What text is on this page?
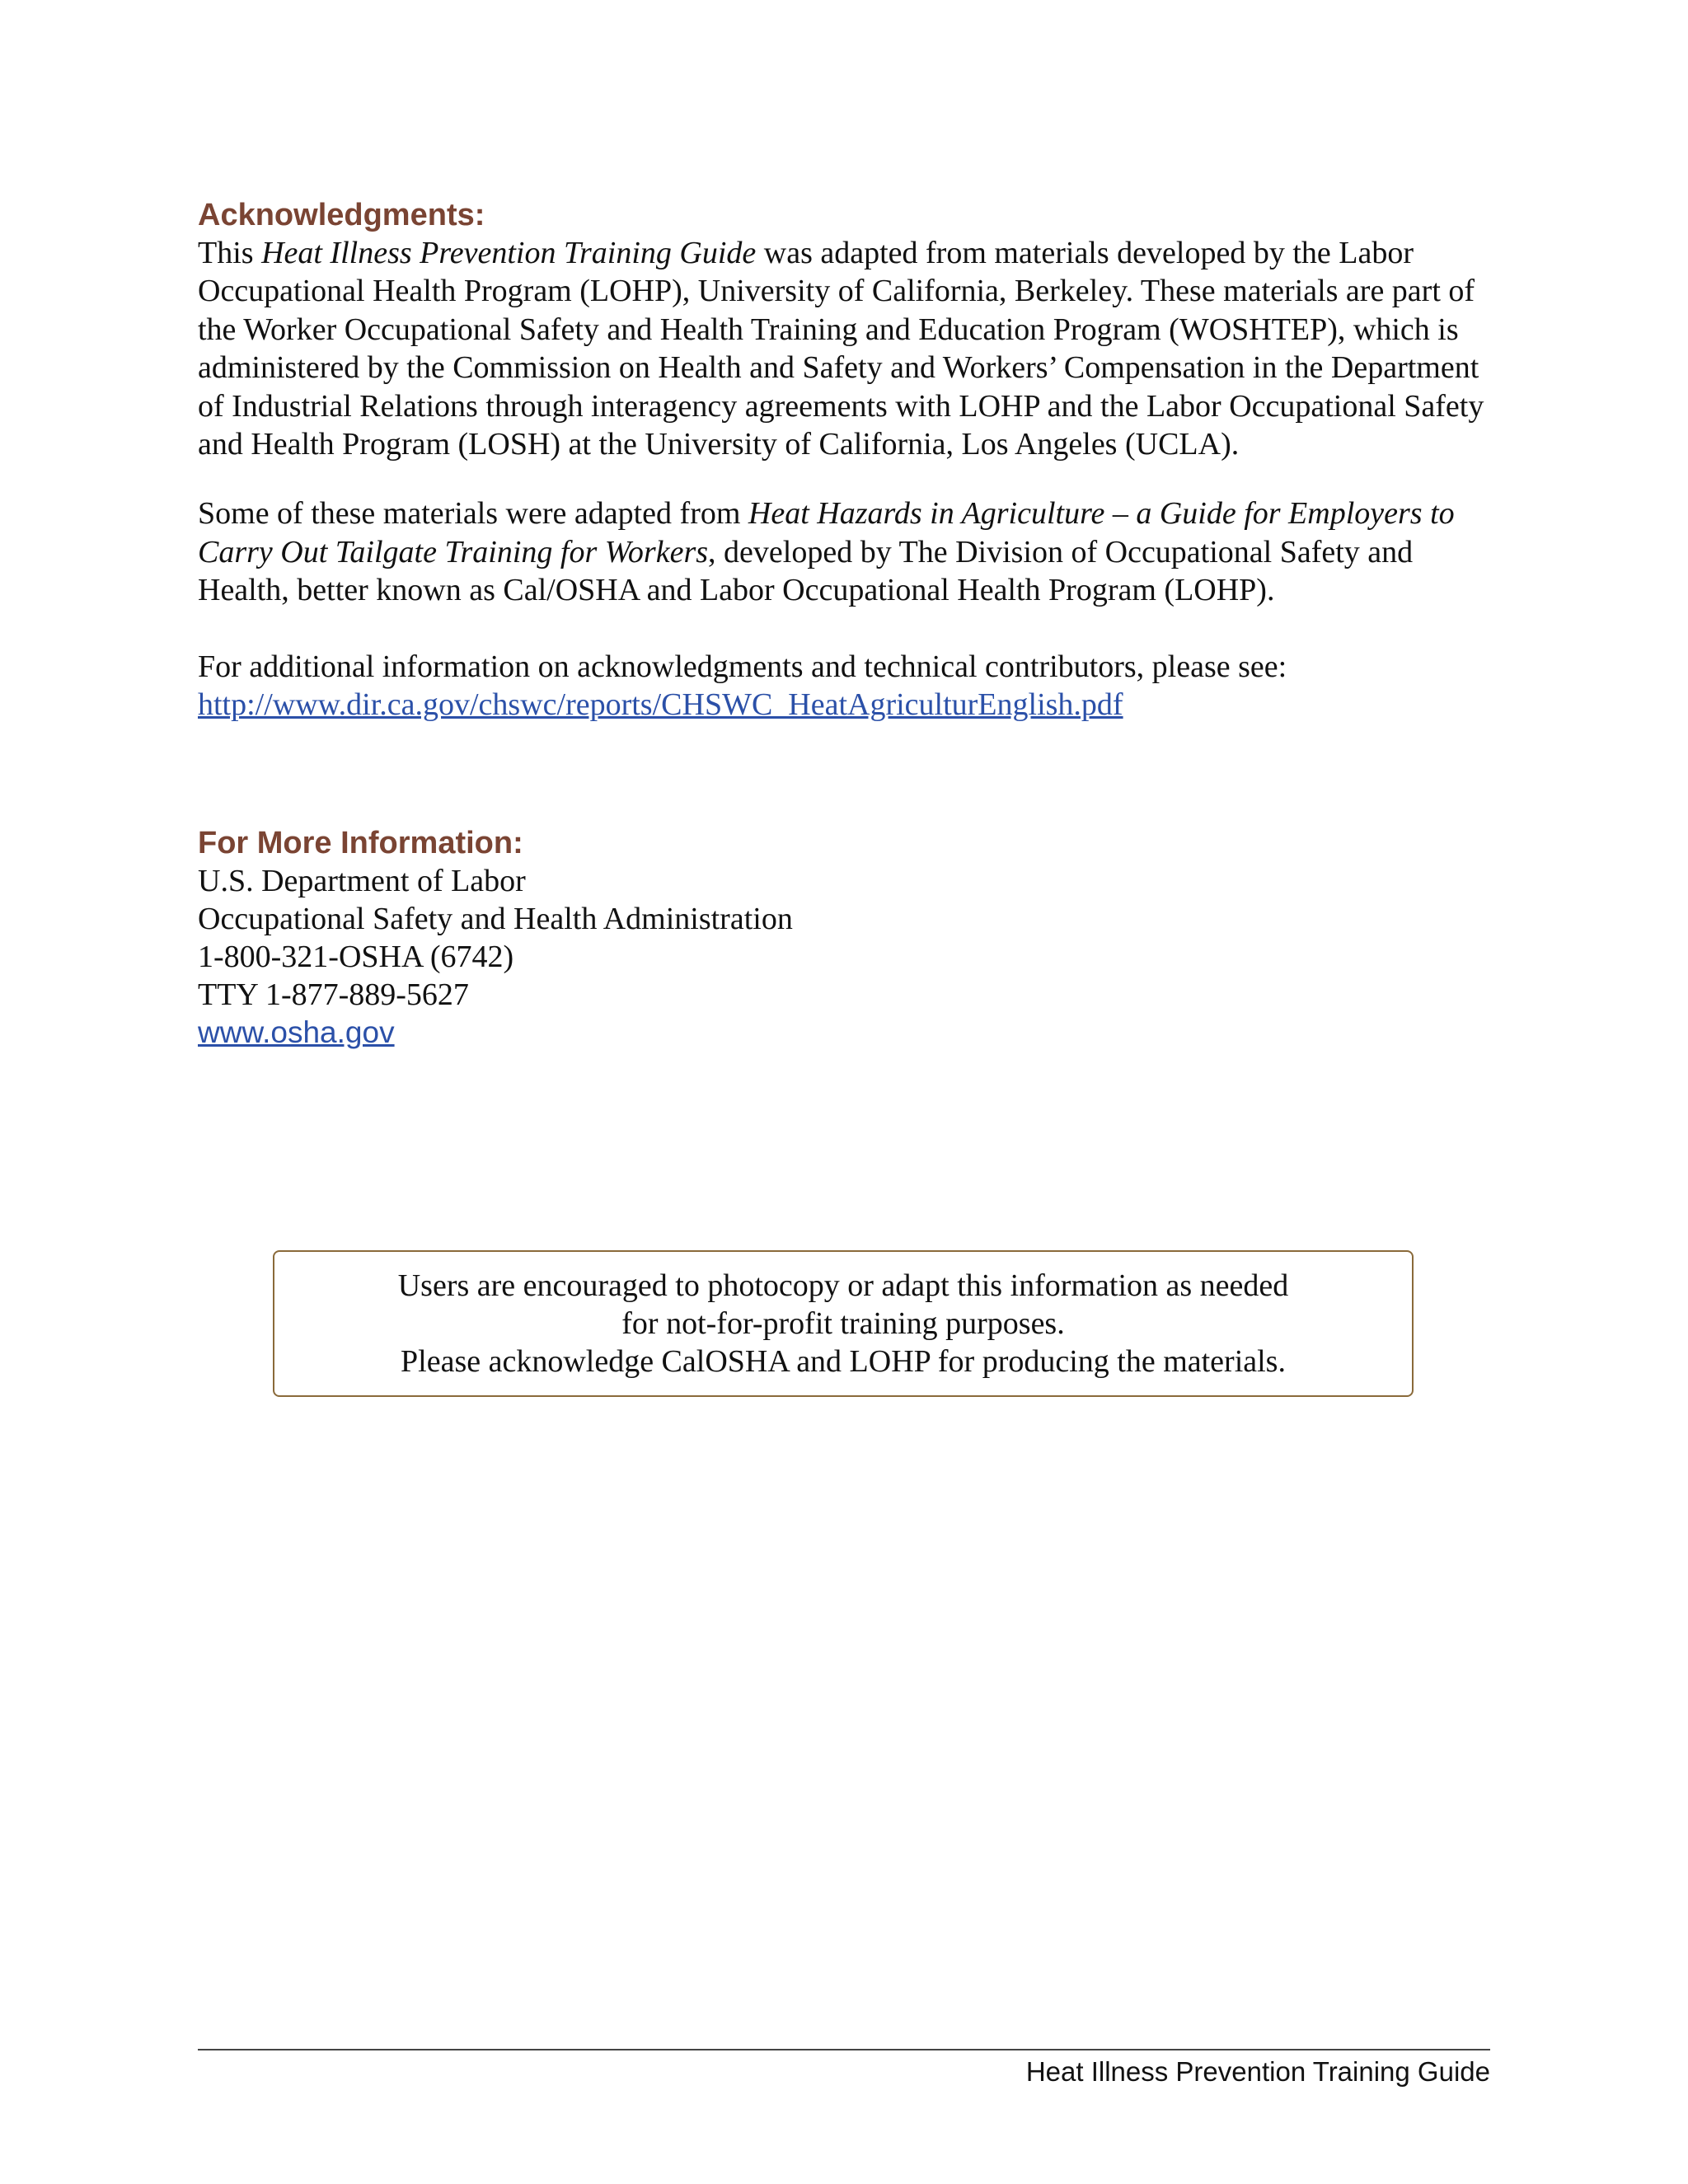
Acknowledgments:

This Heat Illness Prevention Training Guide was adapted from materials developed by the Labor Occupational Health Program (LOHP), University of California, Berkeley. These materials are part of the Worker Occupational Safety and Health Training and Education Program (WOSHTEP), which is administered by the Commission on Health and Safety and Workers’ Compensation in the Department of Industrial Relations through interagency agreements with LOHP and the Labor Occupational Safety and Health Program (LOSH) at the University of California, Los Angeles (UCLA).

Some of these materials were adapted from Heat Hazards in Agriculture – a Guide for Employers to Carry Out Tailgate Training for Workers, developed by The Division of Occupational Safety and Health, better known as Cal/OSHA and Labor Occupational Health Program (LOHP).

For additional information on acknowledgments and technical contributors, please see:
http://www.dir.ca.gov/chswc/reports/CHSWC_HeatAgriculturEnglish.pdf

For More Information:

U.S. Department of Labor

Occupational Safety and Health Administration

1-800-321-OSHA (6742)

TTY 1-877-889-5627

www.osha.gov
Users are encouraged to photocopy or adapt this information as needed
for not-for-profit training purposes.
Please acknowledge CalOSHA and LOHP for producing the materials.
Heat Illness Prevention Training Guide
